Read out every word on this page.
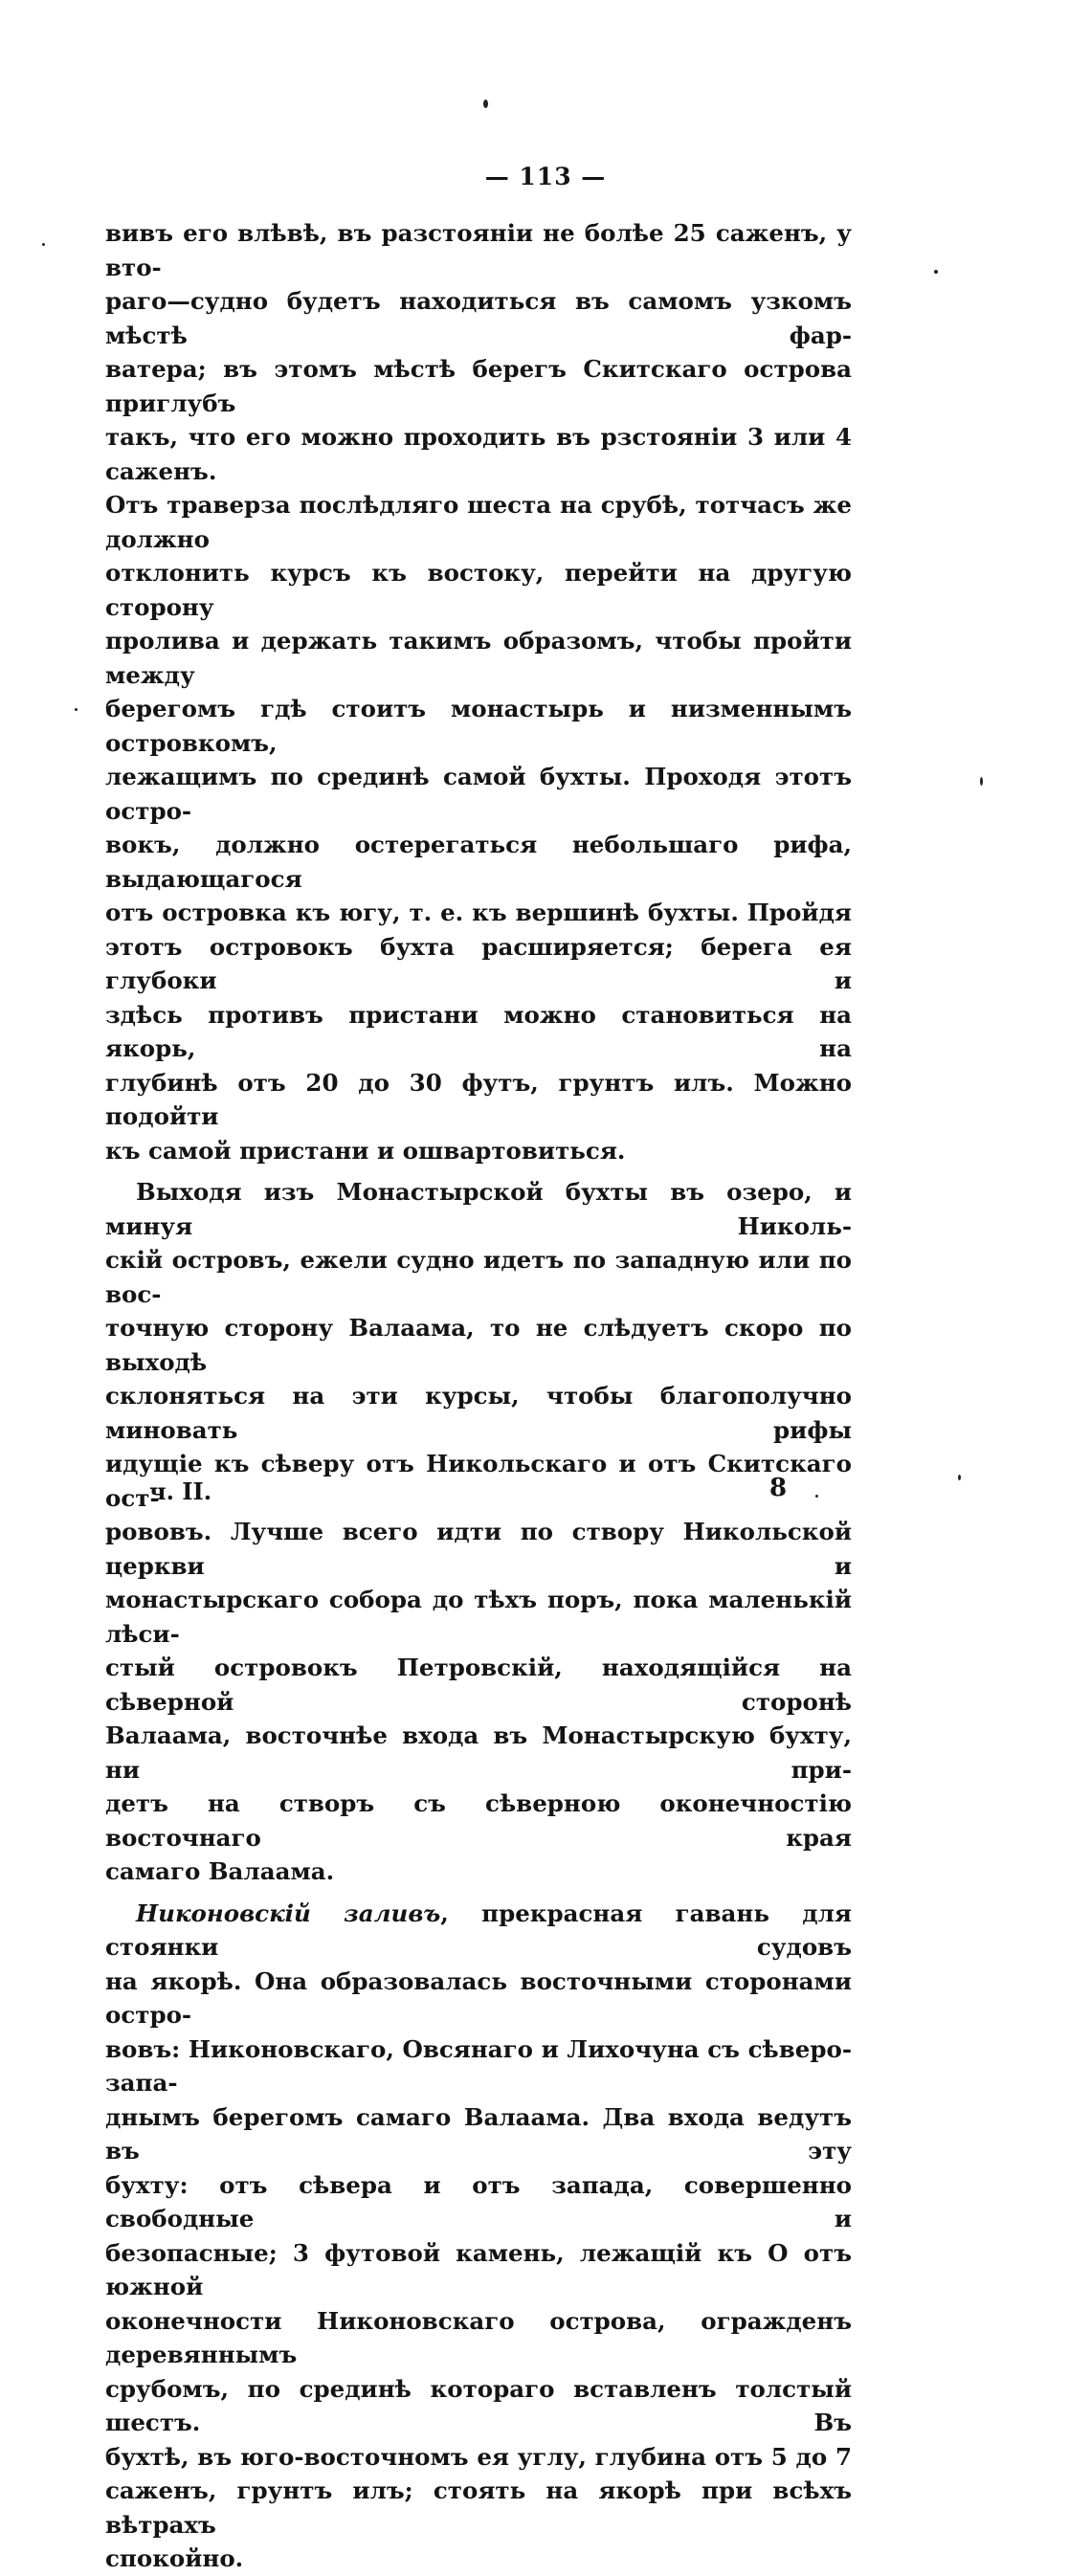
— 113 —

вивъ его влѣвѣ, въ разстояніи не болѣе 25 саженъ, у вто-
раго—судно будетъ находиться въ самомъ узкомъ мѣстѣ фар-
ватера; въ этомъ мѣстѣ берегъ Скитскаго острова приглубъ
такъ, что его можно проходить въ рзстояніи 3 или 4 саженъ.
Отъ траверза послѣдляго шеста на срубѣ, тотчасъ же должно
отклонить курсъ къ востоку, перейти на другую сторону
пролива и держать такимъ образомъ, чтобы пройти между
берегомъ гдѣ стоитъ монастырь и низменнымъ островкомъ,
лежащимъ по срединѣ самой бухты. Проходя этотъ остро-
вокъ, должно остерегаться небольшаго рифа, выдающагося
отъ островка къ югу, т. е. къ вершинѣ бухты. Пройдя
этотъ островокъ бухта расширяется; берега ея глубоки и
здѣсь противъ пристани можно становиться на якорь, на
глубинѣ отъ 20 до 30 футъ, грунтъ илъ. Можно подойти
къ самой пристани и ошвартовиться.

Выходя изъ Монастырской бухты въ озеро, и минуя Николь-
скій островъ, ежели судно идетъ по западную или по вос-
точную сторону Валаама, то не слѣдуетъ скоро по выходѣ
склоняться на эти курсы, чтобы благополучно миновать рифы
идущіе къ сѣверу отъ Никольскаго и отъ Скитскаго ост-
рововъ. Лучше всего идти по створу Никольской церкви и
монастырскаго собора до тѣхъ поръ, пока маленькій лѣси-
стый островокъ Петровскій, находящійся на сѣверной сторонѣ
Валаама, восточнѣе входа въ Монастырскую бухту, ни при-
детъ на створъ съ сѣверною оконечностію восточнаго края
самаго Валаама.

Никоновскій заливъ, прекрасная гавань для стоянки судовъ
на якорѣ. Она образовалась восточными сторонами остро-
вовъ: Никоновскаго, Овсянаго и Лихочуна съ сѣверо-запа-
днымъ берегомъ самаго Валаама. Два входа ведутъ въ эту
бухту: отъ сѣвера и отъ запада, совершенно свободные и
безопасные; 3 футовой камень, лежащій къ О отъ южной
оконечности Никоновскаго острова, огражденъ деревяннымъ
срубомъ, по срединѣ котораго вставленъ толстый шестъ. Въ
бухтѣ, въ юго-восточномъ ея углу, глубина отъ 5 до 7
саженъ, грунтъ илъ; стоять на якорѣ при всѣхъ вѣтрахъ
спокойно.

ч. II.	8
